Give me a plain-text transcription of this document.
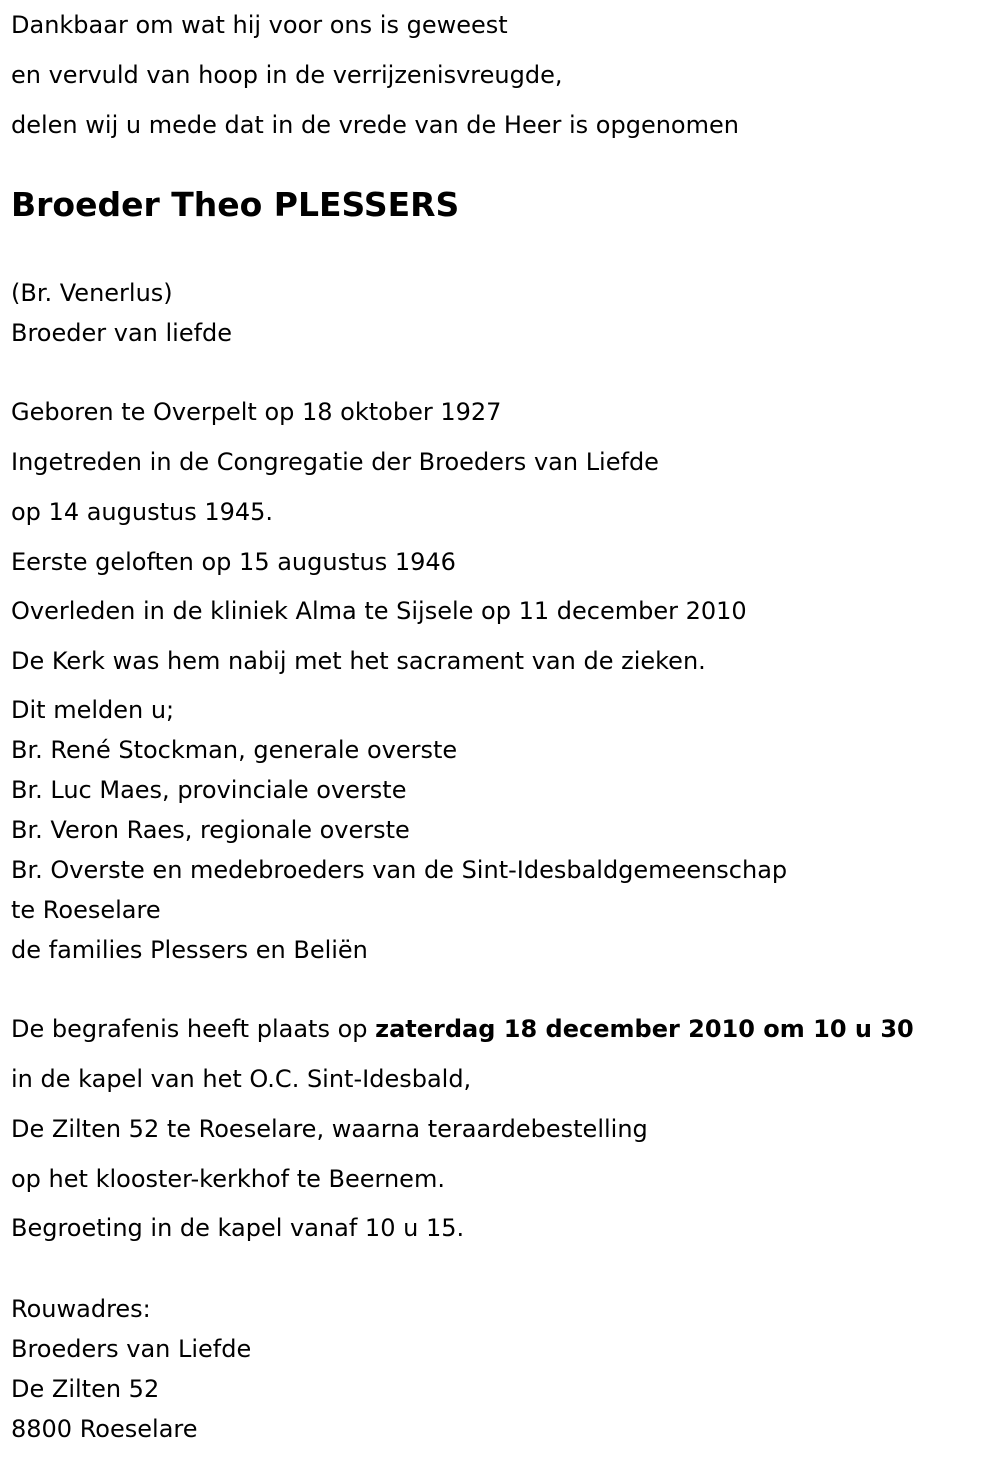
Dankbaar om wat hij voor ons is geweest
en vervuld van hoop in de verrijzenisvreugde,
delen wij u mede dat in de vrede van de Heer is opgenomen
Broeder Theo PLESSERS
(Br. Venerlus)
Broeder van liefde
Geboren te Overpelt op 18 oktober 1927
Ingetreden in de Congregatie der Broeders van Liefde
op 14 augustus 1945.
Eerste geloften op 15 augustus 1946
Overleden in de kliniek Alma te Sijsele op 11 december 2010
De Kerk was hem nabij met het sacrament van de zieken.
Dit melden u;
Br. René Stockman, generale overste
Br. Luc Maes, provinciale overste
Br. Veron Raes, regionale overste
Br. Overste en medebroeders van de Sint-Idesbaldgemeenschap
te Roeselare
de families Plessers en Beliën
De begrafenis heeft plaats op zaterdag 18 december 2010 om 10 u 30
in de kapel van het O.C. Sint-Idesbald,
De Zilten 52 te Roeselare, waarna teraardebestelling
op het klooster-kerkhof te Beernem.
Begroeting in de kapel vanaf 10 u 15.
Rouwadres:
Broeders van Liefde
De Zilten 52
8800 Roeselare
